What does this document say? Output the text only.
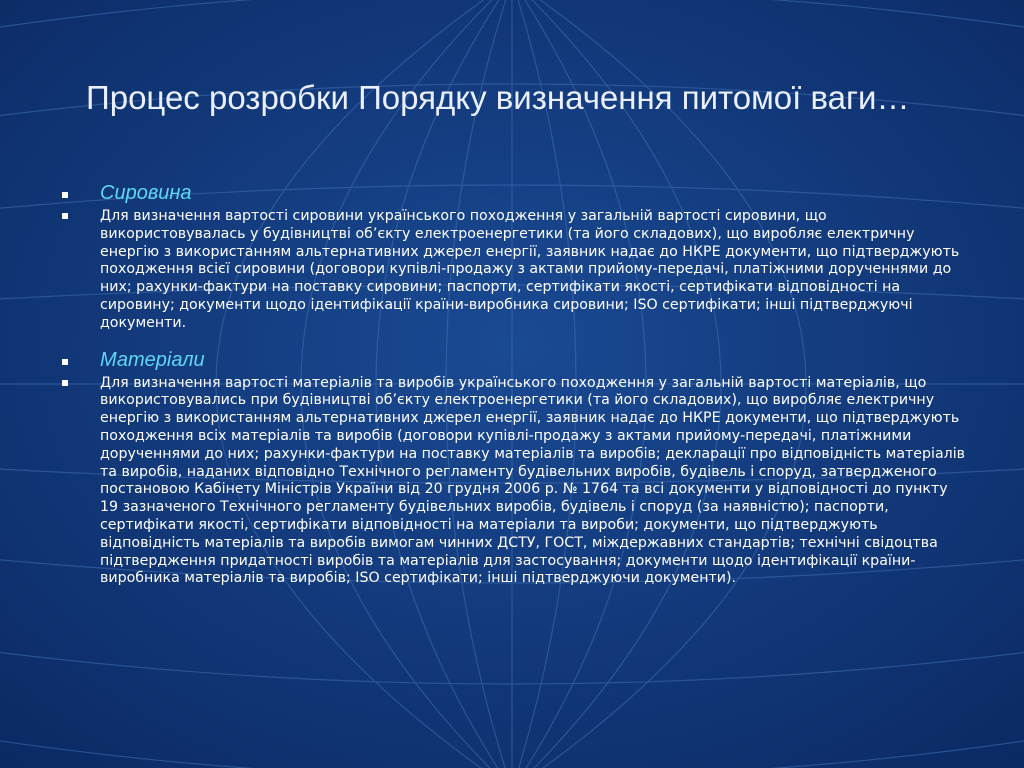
Процес розробки Порядку визначення питомої ваги…
Сировина
Для визначення вартості сировини українського походження у загальній вартості сировини, що використовувалась у будівництві об’єкту електроенергетики (та його складових), що виробляє електричну енергію з використанням альтернативних джерел енергії, заявник надає до НКРЕ документи, що підтверджують походження всієї сировини (договори купівлі-продажу з актами прийому-передачі, платіжними дорученнями до них; рахунки-фактури на поставку сировини; паспорти, сертифікати якості, сертифікати відповідності на сировину; документи щодо ідентифікації країни-виробника сировини; ISO сертифікати; інші підтверджуючі документи.
Матеріали
Для визначення вартості матеріалів та виробів українського походження у загальній вартості матеріалів, що використовувались при будівництві об’єкту електроенергетики (та його складових), що виробляє електричну енергію з використанням альтернативних джерел енергії, заявник надає до НКРЕ документи, що підтверджують походження всіх матеріалів та виробів (договори купівлі-продажу з актами прийому-передачі, платіжними дорученнями до них; рахунки-фактури на поставку матеріалів та виробів; декларації про відповідність матеріалів та виробів, наданих відповідно Технічного регламенту будівельних виробів, будівель і споруд, затвердженого постановою Кабінету Міністрів України від 20 грудня 2006 р. № 1764 та всі документи у відповідності до пункту 19 зазначеного Технічного регламенту будівельних виробів, будівель і споруд (за наявністю); паспорти, сертифікати якості, сертифікати відповідності на матеріали та вироби; документи, що підтверджують відповідність матеріалів та виробів вимогам чинних ДСТУ, ГОСТ, міждержавних стандартів; технічні свідоцтва підтвердження придатності виробів та матеріалів для застосування; документи щодо ідентифікації країни-виробника матеріалів та виробів; ISO сертифікати; інші підтверджуючи документи).
